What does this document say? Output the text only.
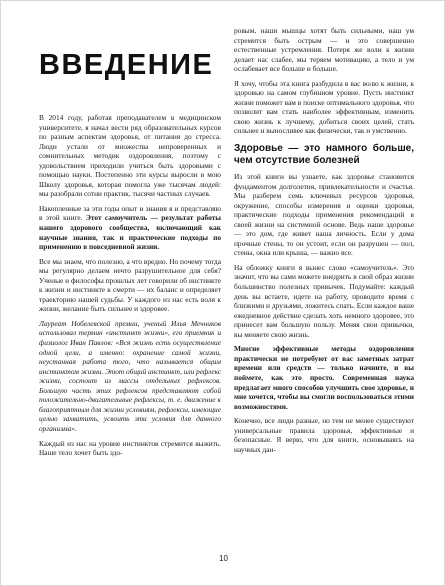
ВВЕДЕНИЕ

В 2014 году, работая преподавателем в медицинском университете, я начал вести ряд образовательных курсов по разным аспектам здоровья, от питания до стресса. Люди устали от множества непроверенных и сомнительных методик оздоровления, поэтому с удовольствием приходили учиться быть здоровыми с помощью науки. Постепенно эти курсы выросли в мою Школу здоровья, которая помогла уже тысячам людей: мы разобрали сотни практик, тысячи частных случаев.

Накопленные за эти годы опыт и знания я и представляю в этой книге. Этот самоучитель — результат работы нашего здорового сообщества, включающий как научные знания, так и практические подходы по применению в повседневной жизни.

Все мы знаем, что полезно, а что вредно. Но почему тогда мы регулярно делаем нечто разрушительное для себя? Ученые и философы прошлых лет говорили об инстинкте к жизни и инстинкте к смерти — их баланс и определяет траекторию нашей судьбы. У каждого из нас есть воля к жизни, желание быть сильнее и здоровее.

Лауреат Нобелевской премии, ученый Илья Мечников использовал термин «инстинкт жизни», его приемник и физиолог Иван Павлов: «Вся жизнь есть осуществление одной цели, а именно: охранение самой жизни, неустанная работа того, что называется общим инстинктом жизни. Этот общий инстинкт, или рефлекс жизни, состоит из массы отдельных рефлексов. Большую часть этих рефлексов представляют собой положительно-двигательные рефлексы, т. е. движение к благоприятным для жизни условиям, рефлексы, имеющие целью захватить, усвоить эти условия для данного организма».

Каждый из нас на уровне инстинктов стремится выжить. Наше тело хочет быть здо-

ровым, наши мышцы хотят быть сильными, наш ум стремится быть острым — и это совершенно естественные устремления. Потеря же воли к жизни делает нас слабее, мы теряем мотивацию, а тело и ум ослабевает все больше и больше.

Я хочу, чтобы эта книга разбудила в вас волю к жизни, к здоровью на самом глубинном уровне. Пусть инстинкт жизни поможет вам в поиске оптимального здоровья, что позволит вам стать наиболее эффективным, изменить свою жизнь к лучшему, добиться своих целей, стать сильнее и выносливее как физически, так и умственно.

Здоровье — это намного больше, чем отсутствие болезней

Из этой книги вы узнаете, как здоровье становится фундаментом долголетия, привлекательности и счастья. Мы разберем семь ключевых ресурсов здоровья, окружение, способы измерения и оценки здоровья, практические подходы применения рекомендаций в своей жизни на системной основе. Ведь наше здоровье — это дом, где живет наша личность. Если у дома прочные стены, то он устоит, если он разрушен — пол, стены, окна или крыша, — важно все.

На обложку книги я вынес слово «самоучитель». Это значит, что вы сами можете внедрить в свой образ жизни большинство полезных привычек. Подумайте: каждый день вы встаете, идете на работу, проводите время с близкими и друзьями, ложитесь спать. Если каждое ваше ежедневное действие сделать хоть немного здоровее, это принесет вам большую пользу. Меняя свои привычки, вы меняете свою жизнь.

Многие эффективные методы оздоровления практически не потребуют от вас заметных затрат времени или средств — только начните, и вы поймете, как это просто. Современная наука предлагает много способов улучшить свое здоровье, и мне хочется, чтобы вы смогли воспользоваться этими возможностями.

Конечно, все люди разные, но тем не менее существуют универсальные правила здоровья, эффективные и безопасные. Я верю, что для книги, основываясь на научных дан-

10
